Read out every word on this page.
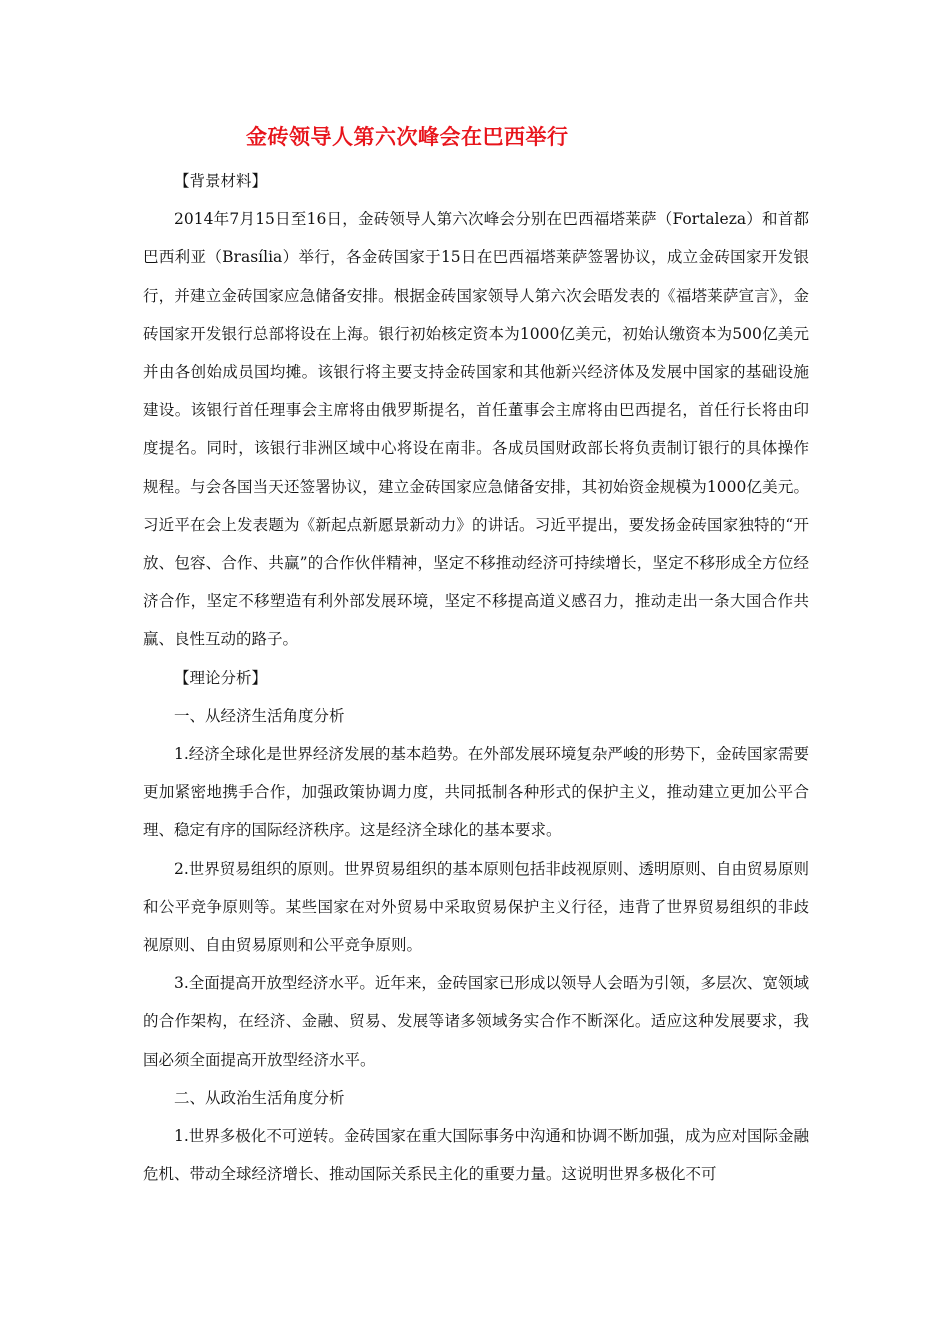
金砖领导人第六次峰会在巴西举行

【背景材料】

2014年7月15日至16日，金砖领导人第六次峰会分别在巴西福塔莱萨（Fortaleza）和首都巴西利亚（Brasília）举行，各金砖国家于15日在巴西福塔莱萨签署协议，成立金砖国家开发银行，并建立金砖国家应急储备安排。根据金砖国家领导人第六次会晤发表的《福塔莱萨宣言》，金砖国家开发银行总部将设在上海。银行初始核定资本为1000亿美元，初始认缴资本为500亿美元并由各创始成员国均摊。该银行将主要支持金砖国家和其他新兴经济体及发展中国家的基础设施建设。该银行首任理事会主席将由俄罗斯提名，首任董事会主席将由巴西提名，首任行长将由印度提名。同时，该银行非洲区域中心将设在南非。各成员国财政部长将负责制订银行的具体操作规程。与会各国当天还签署协议，建立金砖国家应急储备安排，其初始资金规模为1000亿美元。习近平在会上发表题为《新起点新愿景新动力》的讲话。习近平提出，要发扬金砖国家独特的“开放、包容、合作、共赢”的合作伙伴精神，坚定不移推动经济可持续增长，坚定不移形成全方位经济合作，坚定不移塑造有利外部发展环境，坚定不移提高道义感召力，推动走出一条大国合作共赢、良性互动的路子。

【理论分析】

一、从经济生活角度分析

1.经济全球化是世界经济发展的基本趋势。在外部发展环境复杂严峻的形势下，金砖国家需要更加紧密地携手合作，加强政策协调力度，共同抵制各种形式的保护主义，推动建立更加公平合理、稳定有序的国际经济秩序。这是经济全球化的基本要求。

2.世界贸易组织的原则。世界贸易组织的基本原则包括非歧视原则、透明原则、自由贸易原则和公平竞争原则等。某些国家在对外贸易中采取贸易保护主义行径，违背了世界贸易组织的非歧视原则、自由贸易原则和公平竞争原则。

3.全面提高开放型经济水平。近年来，金砖国家已形成以领导人会晤为引领，多层次、宽领域的合作架构，在经济、金融、贸易、发展等诸多领域务实合作不断深化。适应这种发展要求，我国必须全面提高开放型经济水平。

二、从政治生活角度分析

1.世界多极化不可逆转。金砖国家在重大国际事务中沟通和协调不断加强，成为应对国际金融危机、带动全球经济增长、推动国际关系民主化的重要力量。这说明世界多极化不可
